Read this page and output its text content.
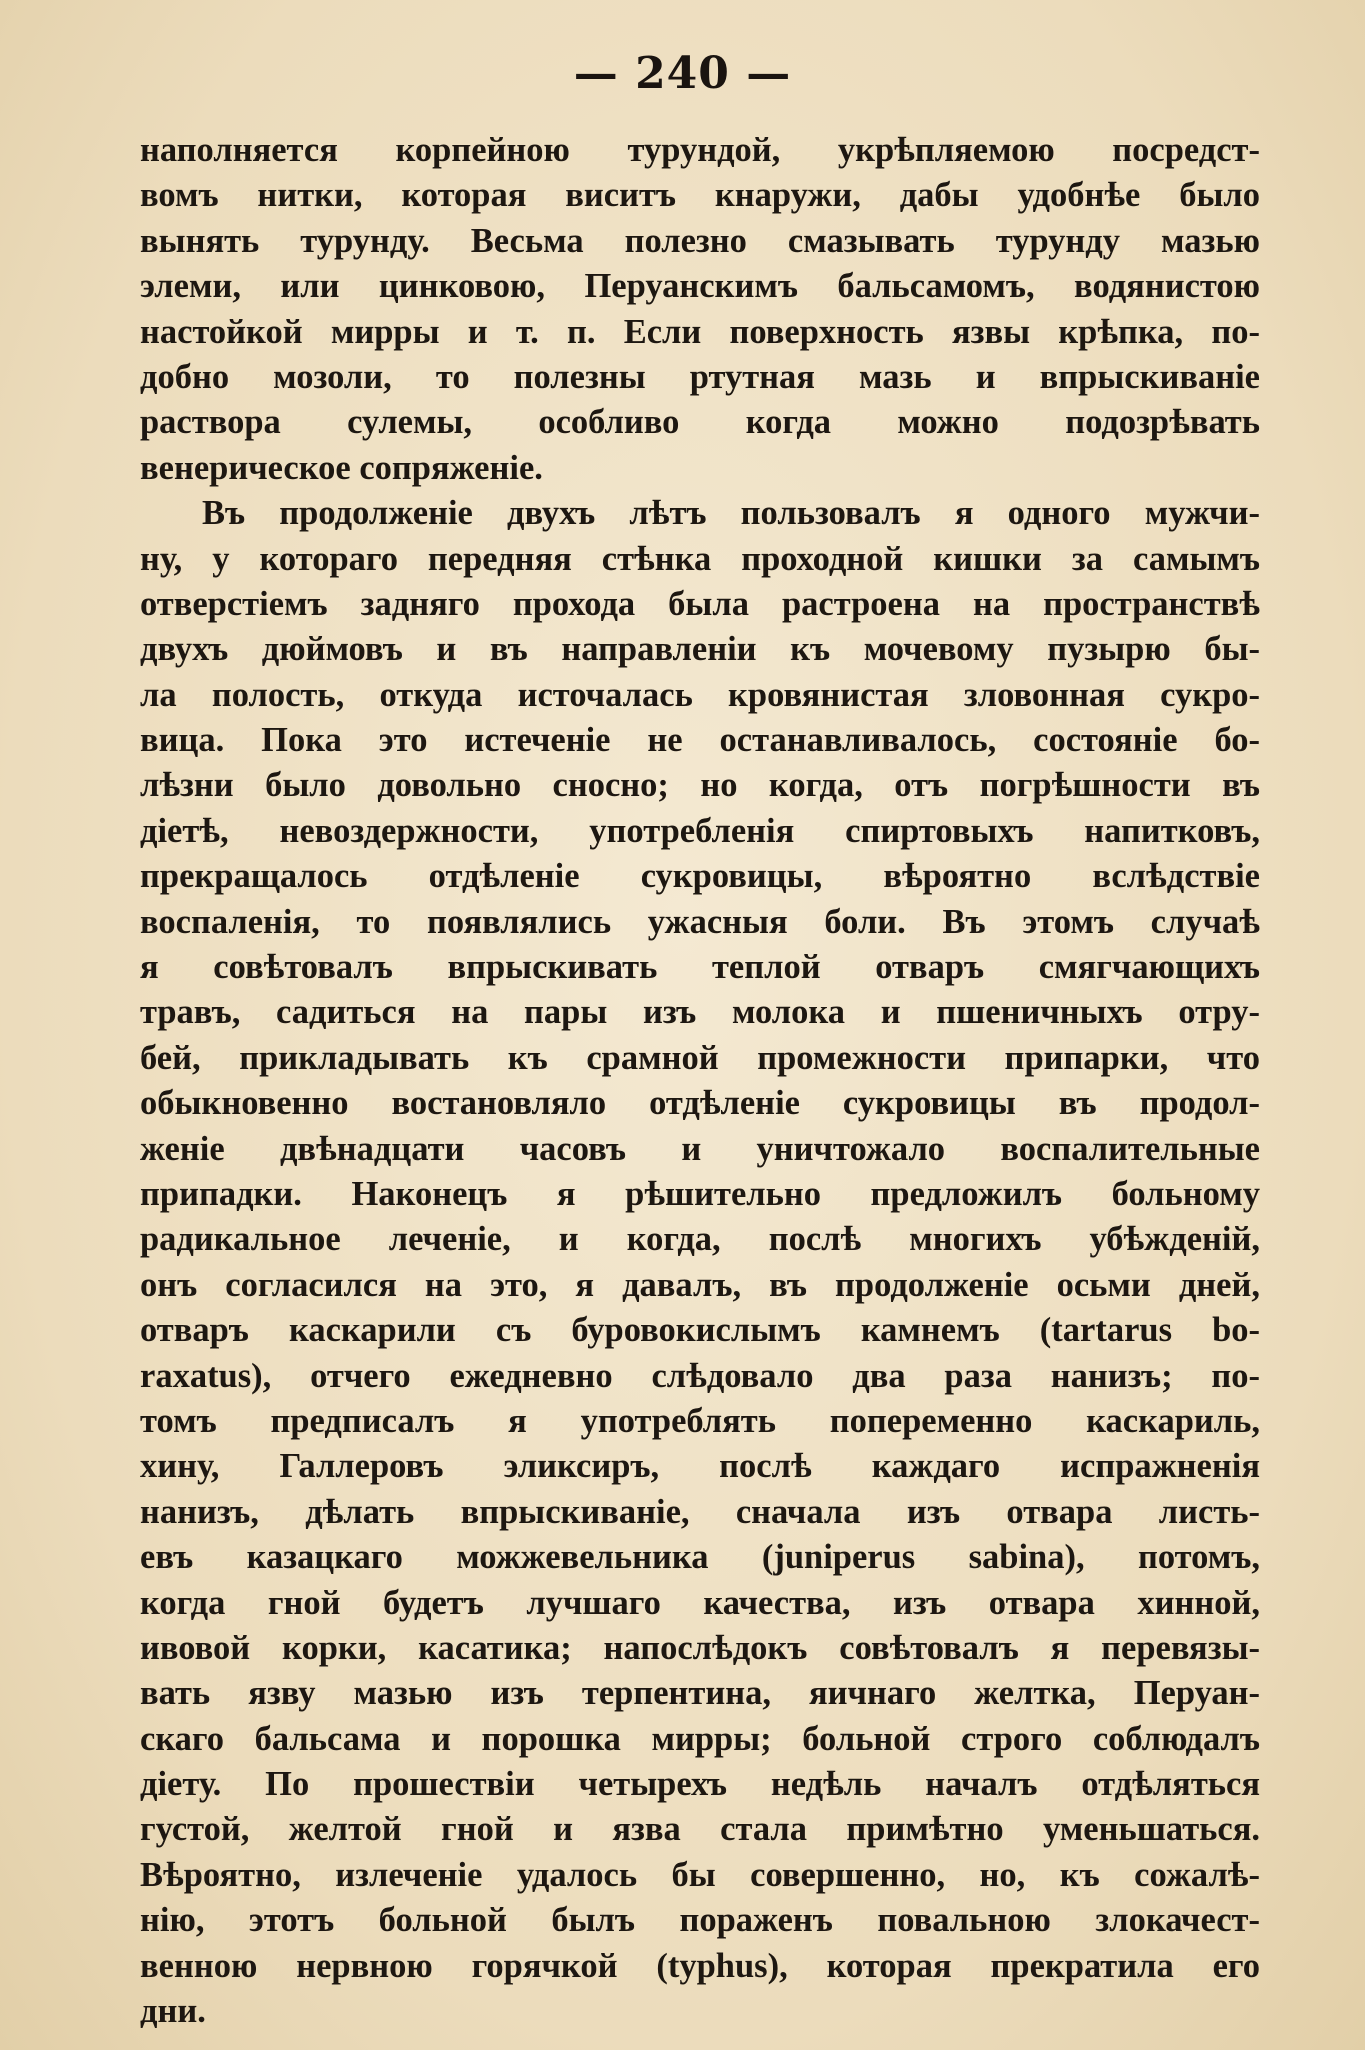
— 240 —
наполняется корпейною турундой, укрѣпляемою посредст-
вомъ нитки, которая виситъ кнаружи, дабы удобнѣе было
вынять турунду. Весьма полезно смазывать турунду мазью
элеми, или цинковою, Перуанскимъ бальсамомъ, водянистою
настойкой мирры и т. п. Если поверхность язвы крѣпка, по-
добно мозоли, то полезны ртутная мазь и впрыскиваніе
раствора сулемы, особливо когда можно подозрѣвать
венерическое сопряженіе.
Въ продолженіе двухъ лѣтъ пользовалъ я одного мужчи-
ну, у котораго передняя стѣнка проходной кишки за самымъ
отверстіемъ задняго прохода была растроена на пространствѣ
двухъ дюймовъ и въ направленіи къ мочевому пузырю бы-
ла полость, откуда источалась кровянистая зловонная сукро-
вица. Пока это истеченіе не останавливалось, состояніе бо-
лѣзни было довольно сносно; но когда, отъ погрѣшности въ
діетѣ, невоздержности, употребленія спиртовыхъ напитковъ,
прекращалось отдѣленіе сукровицы, вѣроятно вслѣдствіе
воспаленія, то появлялись ужасныя боли. Въ этомъ случаѣ
я совѣтовалъ впрыскивать теплой отваръ смягчающихъ
травъ, садиться на пары изъ молока и пшеничныхъ отру-
бей, прикладывать къ срамной промежности припарки, что
обыкновенно востановляло отдѣленіе сукровицы въ продол-
женіе двѣнадцати часовъ и уничтожало воспалительные
припадки. Наконецъ я рѣшительно предложилъ больному
радикальное леченіе, и когда, послѣ многихъ убѣжденій,
онъ согласился на это, я давалъ, въ продолженіе осьми дней,
отваръ каскарили съ буровокислымъ камнемъ (tartarus bo-
raxatus), отчего ежедневно слѣдовало два раза нанизъ; по-
томъ предписалъ я употреблять попеременно каскариль,
хину, Галлеровъ эликсиръ, послѣ каждаго испражненія
нанизъ, дѣлать впрыскиваніе, сначала изъ отвара листь-
евъ казацкаго можжевельника (juniperus sabina), потомъ,
когда гной будетъ лучшаго качества, изъ отвара хинной,
ивовой корки, касатика; напослѣдокъ совѣтовалъ я перевязы-
вать язву мазью изъ терпентина, яичнаго желтка, Перуан-
скаго бальсама и порошка мирры; больной строго соблюдалъ
діету. По прошествіи четырехъ недѣль началъ отдѣляться
густой, желтой гной и язва стала примѣтно уменьшаться.
Вѣроятно, излеченіе удалось бы совершенно, но, къ сожалѣ-
нію, этотъ больной былъ пораженъ повальною злокачест-
венною нервною горячкой (typhus), которая прекратила его
дни.
